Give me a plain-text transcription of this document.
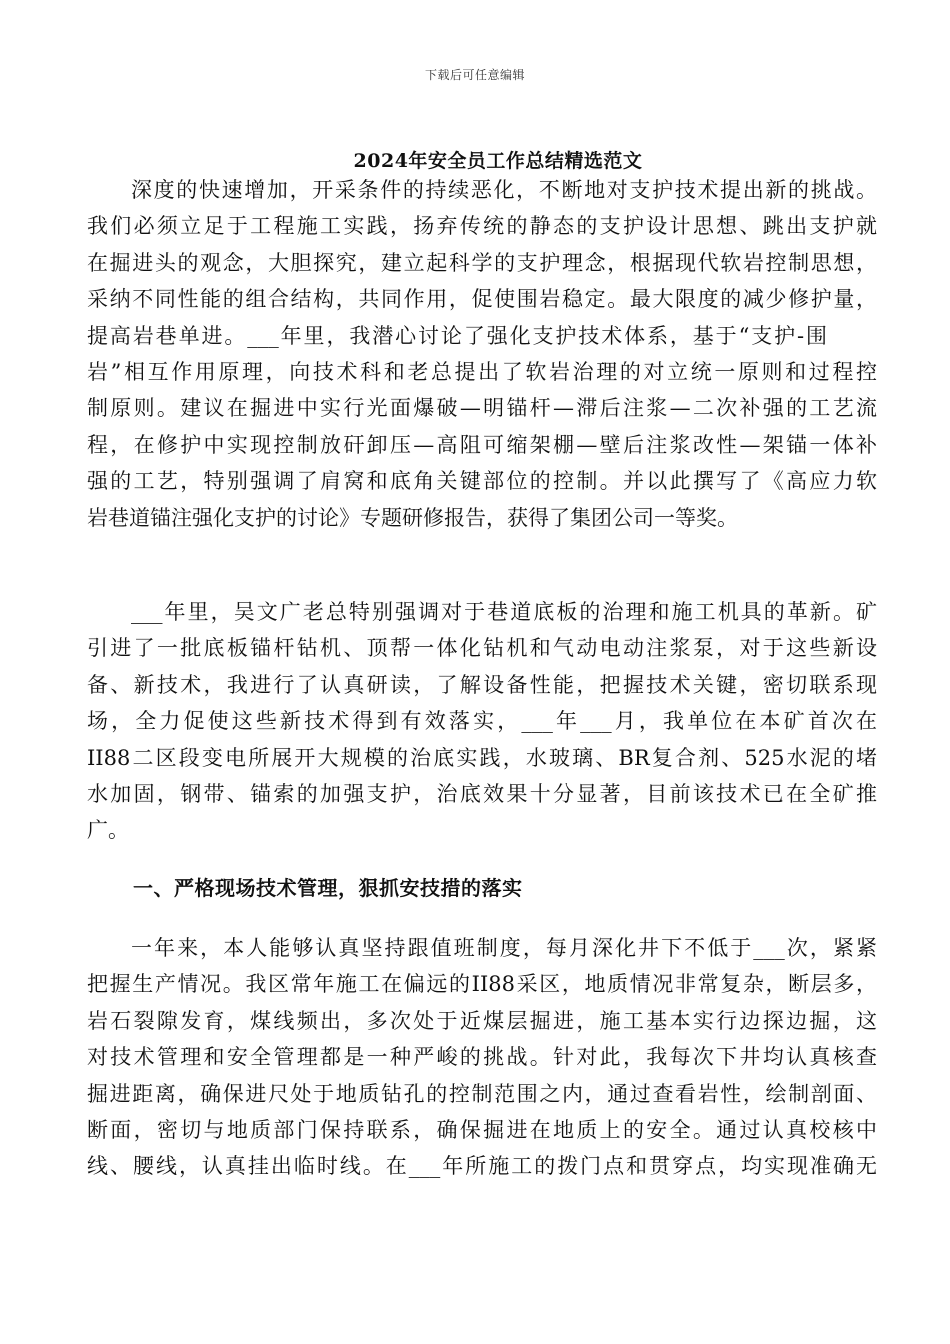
下载后可任意编辑
2024年安全员工作总结精选范文
深度的快速增加，开采条件的持续恶化，不断地对支护技术提出新的挑战。
我们必须立足于工程施工实践，扬弃传统的静态的支护设计思想、跳出支护就
在掘进头的观念，大胆探究，建立起科学的支护理念，根据现代软岩控制思想，
采纳不同性能的组合结构，共同作用，促使围岩稳定。最大限度的减少修护量，
提高岩巷单进。___年里，我潜心讨论了强化支护技术体系，基于“支护-围
岩”相互作用原理，向技术科和老总提出了软岩治理的对立统一原则和过程控
制原则。建议在掘进中实行光面爆破—明锚杆—滞后注浆—二次补强的工艺流
程，在修护中实现控制放矸卸压—高阻可缩架棚—壁后注浆改性—架锚一体补
强的工艺，特别强调了肩窝和底角关键部位的控制。并以此撰写了《高应力软
岩巷道锚注强化支护的讨论》专题研修报告，获得了集团公司一等奖。
___年里，吴文广老总特别强调对于巷道底板的治理和施工机具的革新。矿
引进了一批底板锚杆钻机、顶帮一体化钻机和气动电动注浆泵，对于这些新设
备、新技术，我进行了认真研读，了解设备性能，把握技术关键，密切联系现
场，全力促使这些新技术得到有效落实，___年___月，我单位在本矿首次在
II88二区段变电所展开大规模的治底实践，水玻璃、BR复合剂、525水泥的堵
水加固，钢带、锚索的加强支护，治底效果十分显著，目前该技术已在全矿推
广。
一、严格现场技术管理，狠抓安技措的落实
一年来，本人能够认真坚持跟值班制度，每月深化井下不低于___次，紧紧
把握生产情况。我区常年施工在偏远的II88采区，地质情况非常复杂，断层多，
岩石裂隙发育，煤线频出，多次处于近煤层掘进，施工基本实行边探边掘，这
对技术管理和安全管理都是一种严峻的挑战。针对此，我每次下井均认真核查
掘进距离，确保进尺处于地质钻孔的控制范围之内，通过查看岩性，绘制剖面、
断面，密切与地质部门保持联系，确保掘进在地质上的安全。通过认真校核中
线、腰线，认真挂出临时线。在___年所施工的拨门点和贯穿点，均实现准确无
